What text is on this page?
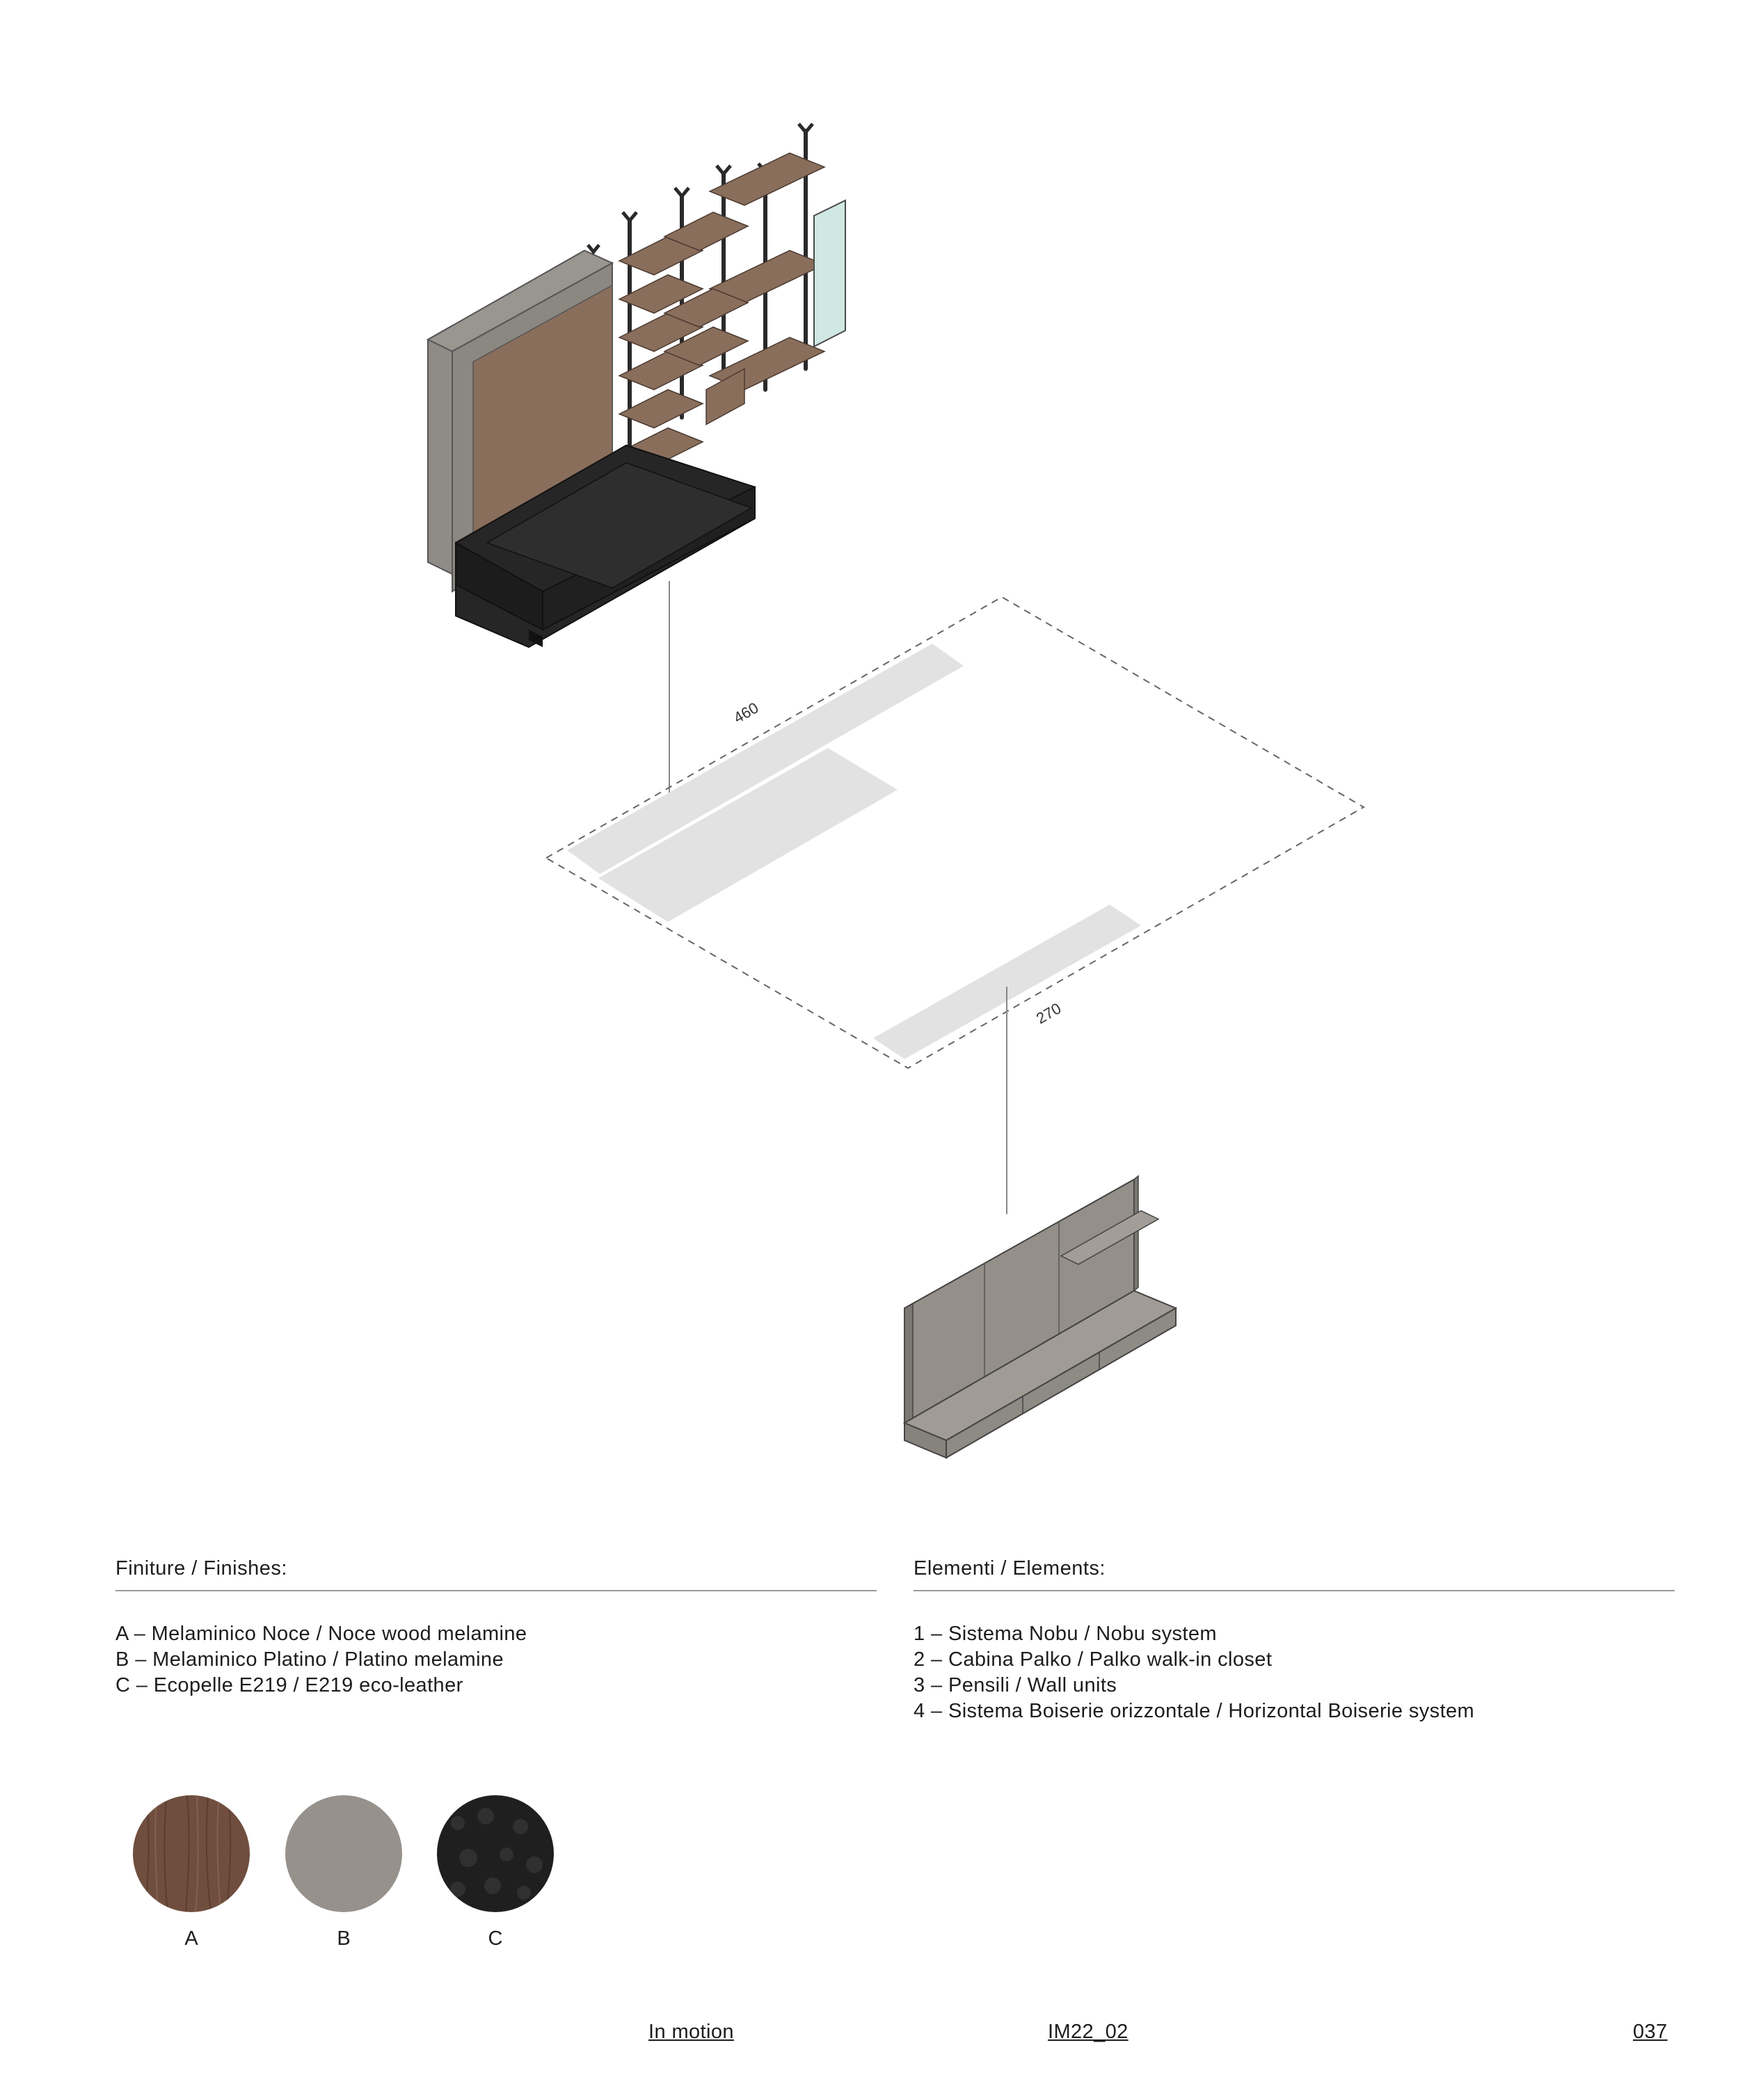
460
270
Finiture / Finishes:
A – Melaminico Noce / Noce wood melamine
B – Melaminico Platino / Platino melamine
C – Ecopelle E219 / E219 eco-leather
Elementi / Elements:
1 – Sistema Nobu / Nobu system
2 – Cabina Palko / Palko walk-in closet
3 – Pensili / Wall units
4 – Sistema Boiserie orizzontale / Horizontal Boiserie system
A	B	C
In motion	IM22_02	037
